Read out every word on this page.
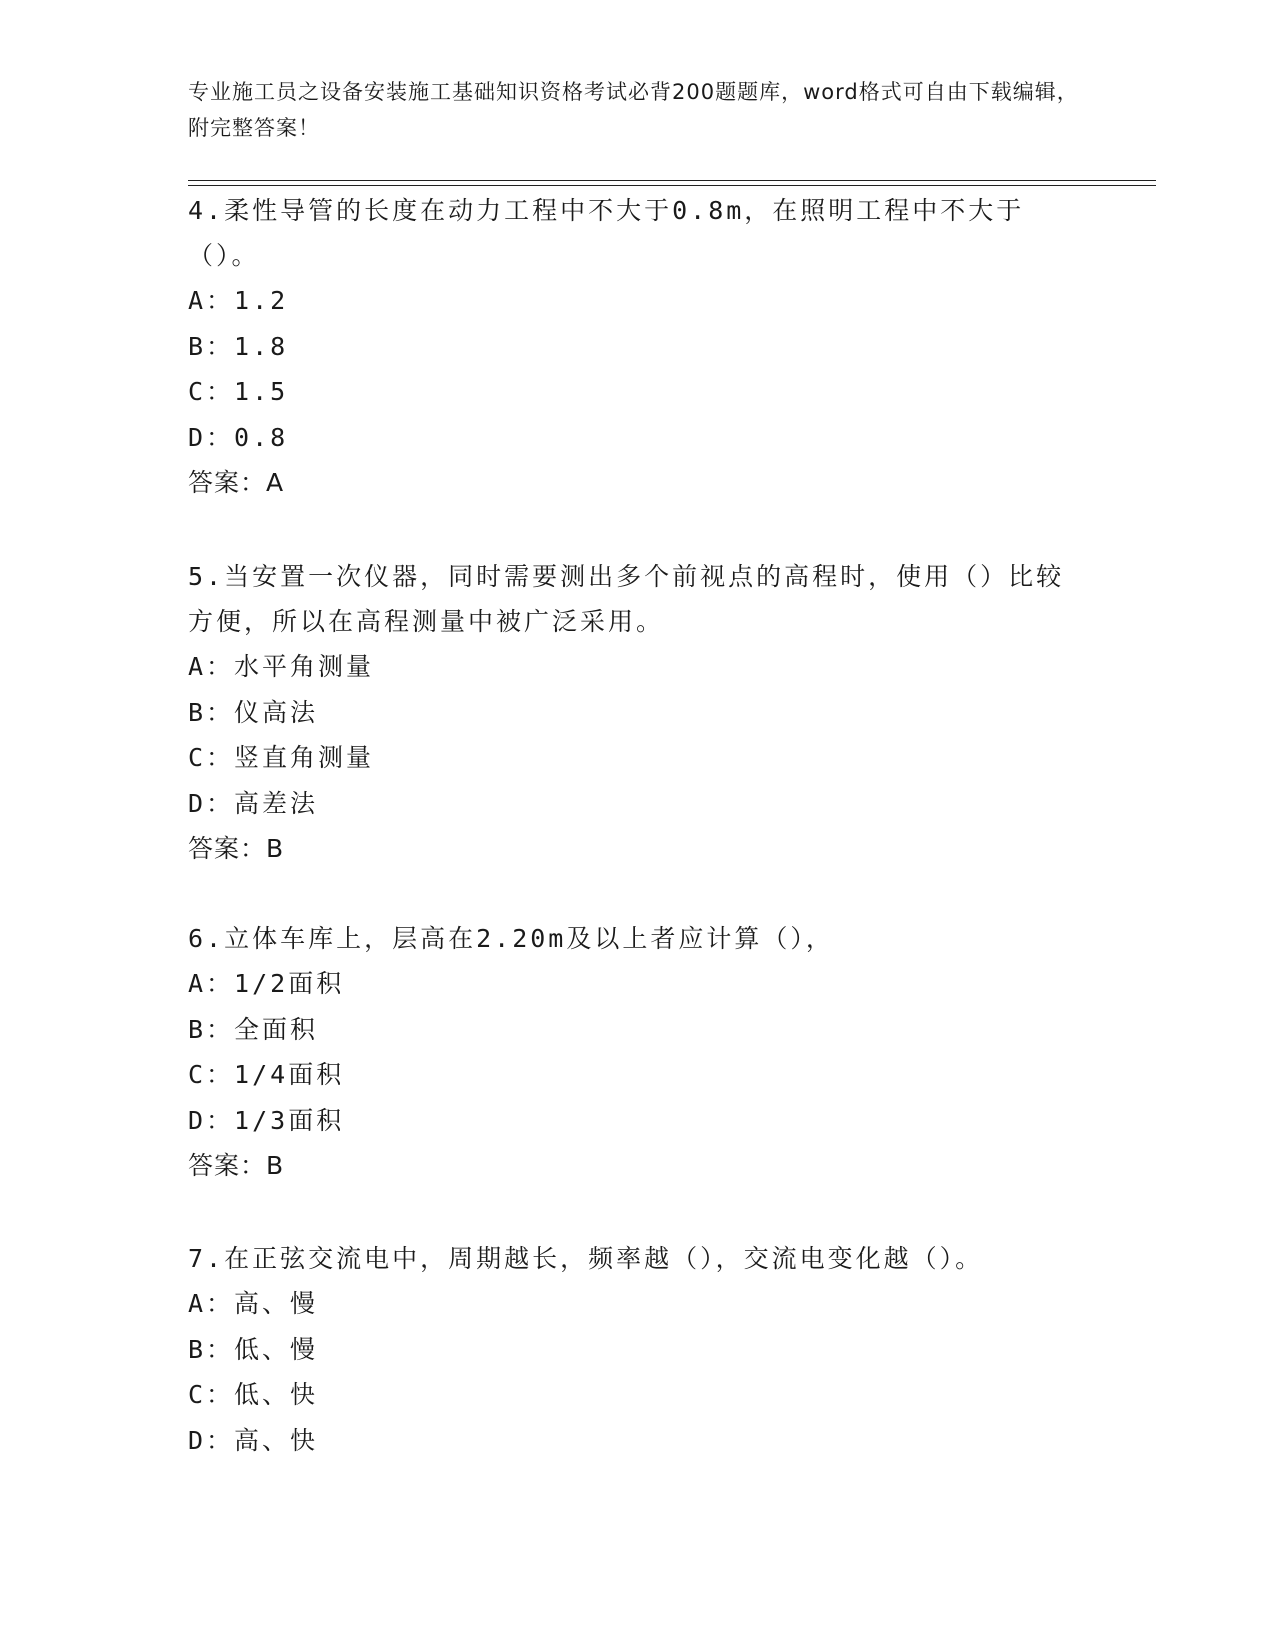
专业施工员之设备安装施工基础知识资格考试必背200题题库，word格式可自由下载编辑，附完整答案！

4.柔性导管的长度在动力工程中不大于0.8m，在照明工程中不大于（）。

A：1.2

B：1.8

C：1.5

D：0.8

答案：A

5.当安置一次仪器，同时需要测出多个前视点的高程时，使用（）比较方便，所以在高程测量中被广泛采用。

A：水平角测量

B：仪高法

C：竖直角测量

D：高差法

答案：B

6.立体车库上，层高在2.20m及以上者应计算（），

A：1/2面积

B：全面积

C：1/4面积

D：1/3面积

答案：B

7.在正弦交流电中，周期越长，频率越（），交流电变化越（）。

A：高、慢

B：低、慢

C：低、快

D：高、快
